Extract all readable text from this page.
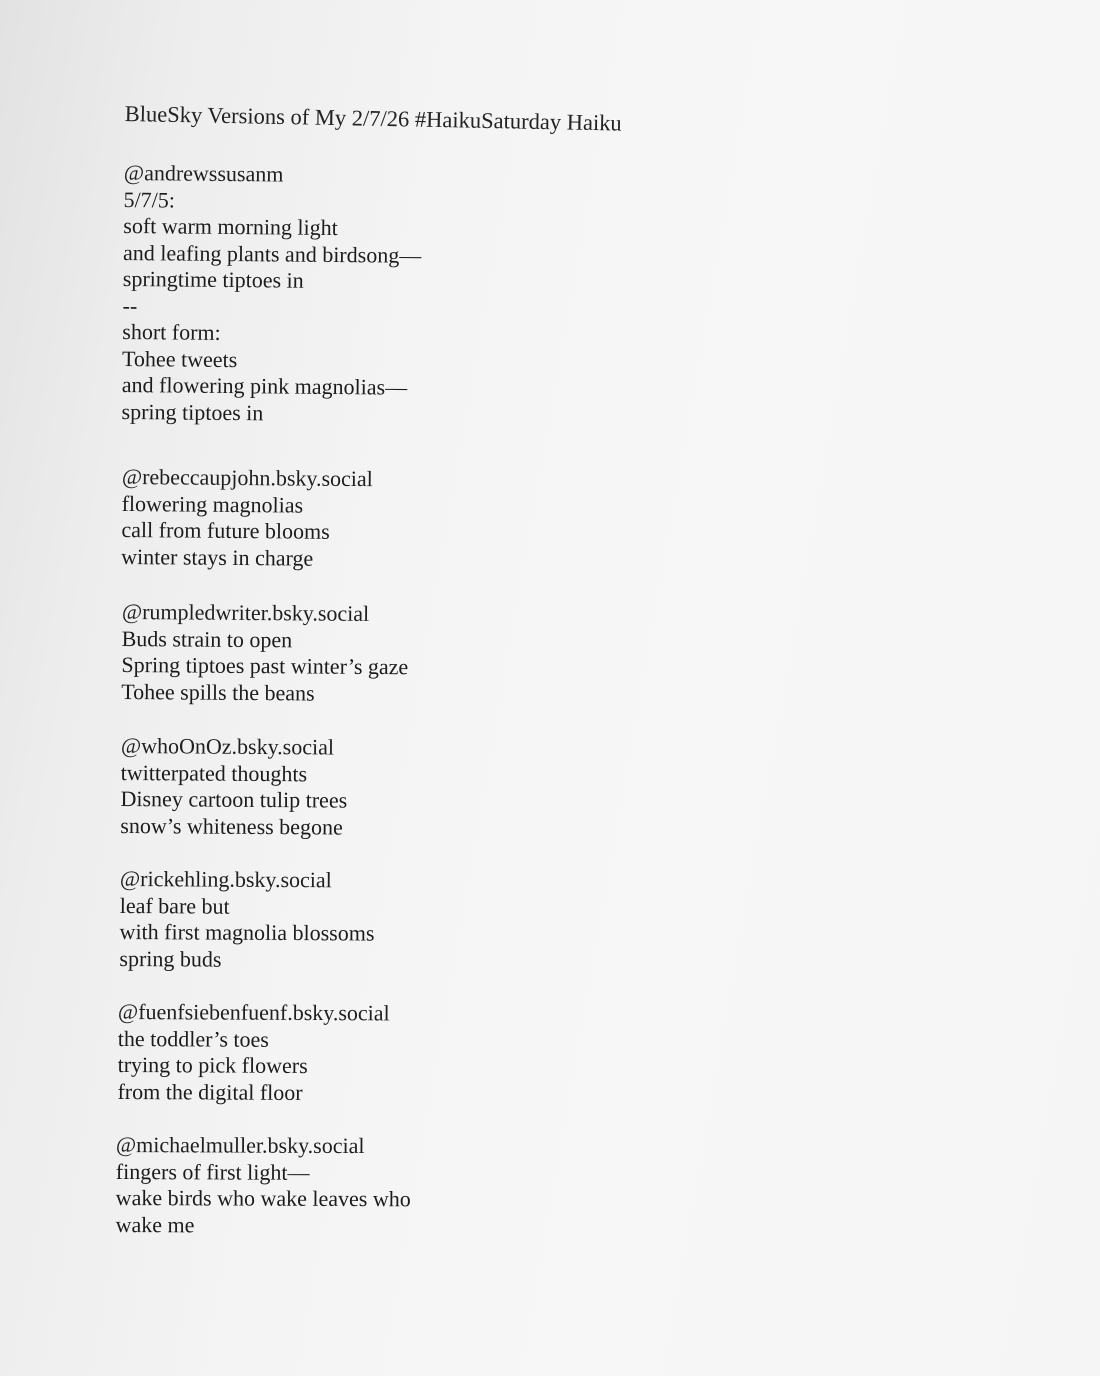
BlueSky Versions of My 2/7/26 #HaikuSaturday Haiku
@andrewssusanm
5/7/5:
soft warm morning light
and leafing plants and birdsong—
springtime tiptoes in
--
short form:
Tohee tweets
and flowering pink magnolias—
spring tiptoes in
@rebeccaupjohn.bsky.social
flowering magnolias
call from future blooms
winter stays in charge
@rumpledwriter.bsky.social
Buds strain to open
Spring tiptoes past winter’s gaze
Tohee spills the beans
@whoOnOz.bsky.social
twitterpated thoughts
Disney cartoon tulip trees
snow’s whiteness begone
@rickehling.bsky.social
leaf bare but
with first magnolia blossoms
spring buds
@fuenfsiebenfuenf.bsky.social
the toddler’s toes
trying to pick flowers
from the digital floor
@michaelmuller.bsky.social
fingers of first light—
wake birds who wake leaves who
wake me
